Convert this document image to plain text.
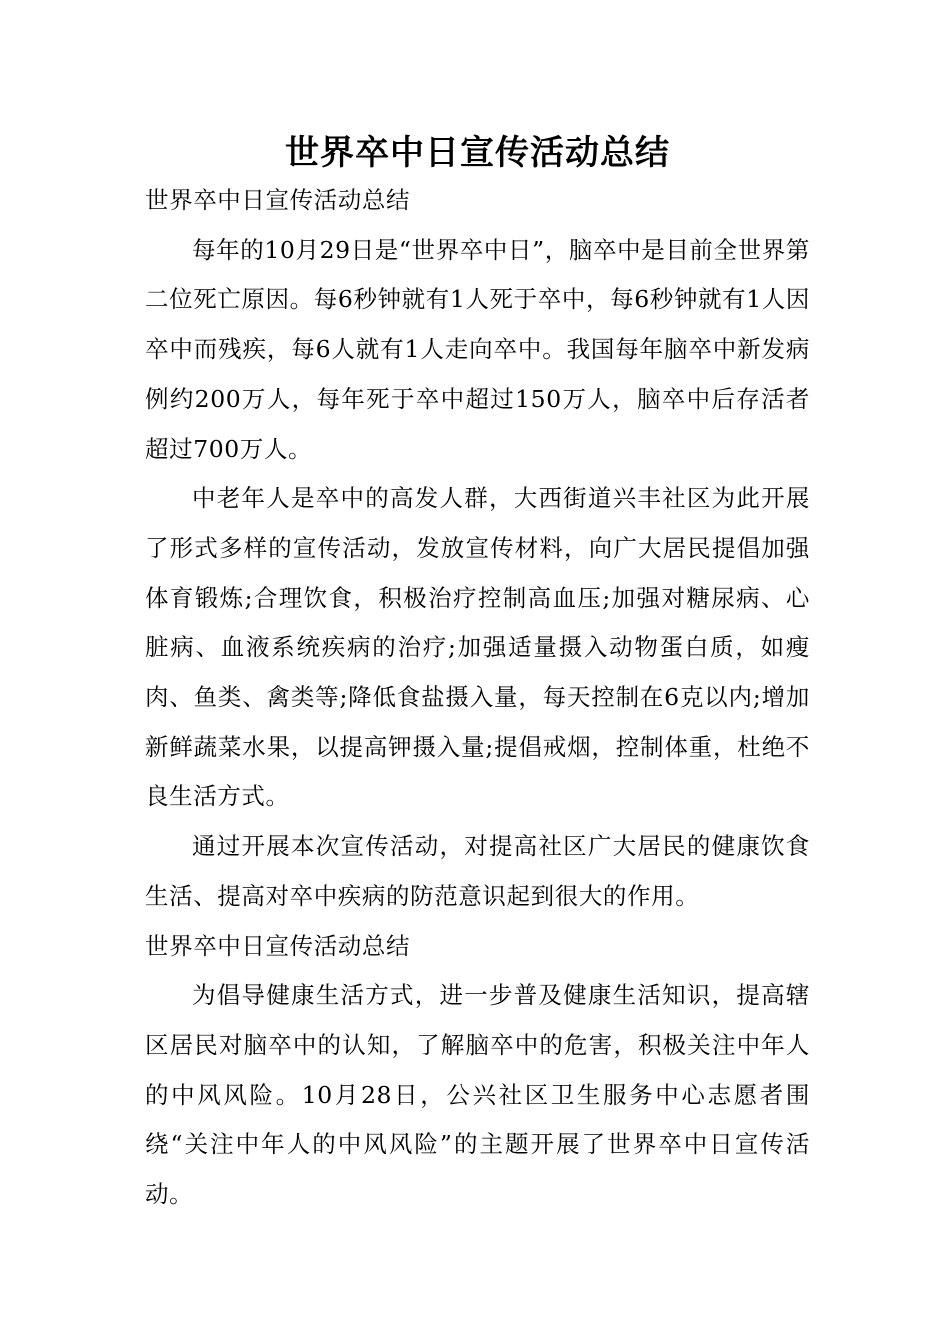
世界卒中日宣传活动总结

世界卒中日宣传活动总结

每年的10月29日是“世界卒中日”，脑卒中是目前全世界第二位死亡原因。每6秒钟就有1人死于卒中，每6秒钟就有1人因卒中而残疾，每6人就有1人走向卒中。我国每年脑卒中新发病例约200万人，每年死于卒中超过150万人，脑卒中后存活者超过700万人。

中老年人是卒中的高发人群，大西街道兴丰社区为此开展了形式多样的宣传活动，发放宣传材料，向广大居民提倡加强体育锻炼;合理饮食，积极治疗控制高血压;加强对糖尿病、心脏病、血液系统疾病的治疗;加强适量摄入动物蛋白质，如瘦肉、鱼类、禽类等;降低食盐摄入量，每天控制在6克以内;增加新鲜蔬菜水果，以提高钾摄入量;提倡戒烟，控制体重，杜绝不良生活方式。

通过开展本次宣传活动，对提高社区广大居民的健康饮食生活、提高对卒中疾病的防范意识起到很大的作用。

世界卒中日宣传活动总结

为倡导健康生活方式，进一步普及健康生活知识，提高辖区居民对脑卒中的认知，了解脑卒中的危害，积极关注中年人的中风风险。10月28日，公兴社区卫生服务中心志愿者围绕“关注中年人的中风风险”的主题开展了世界卒中日宣传活动。
